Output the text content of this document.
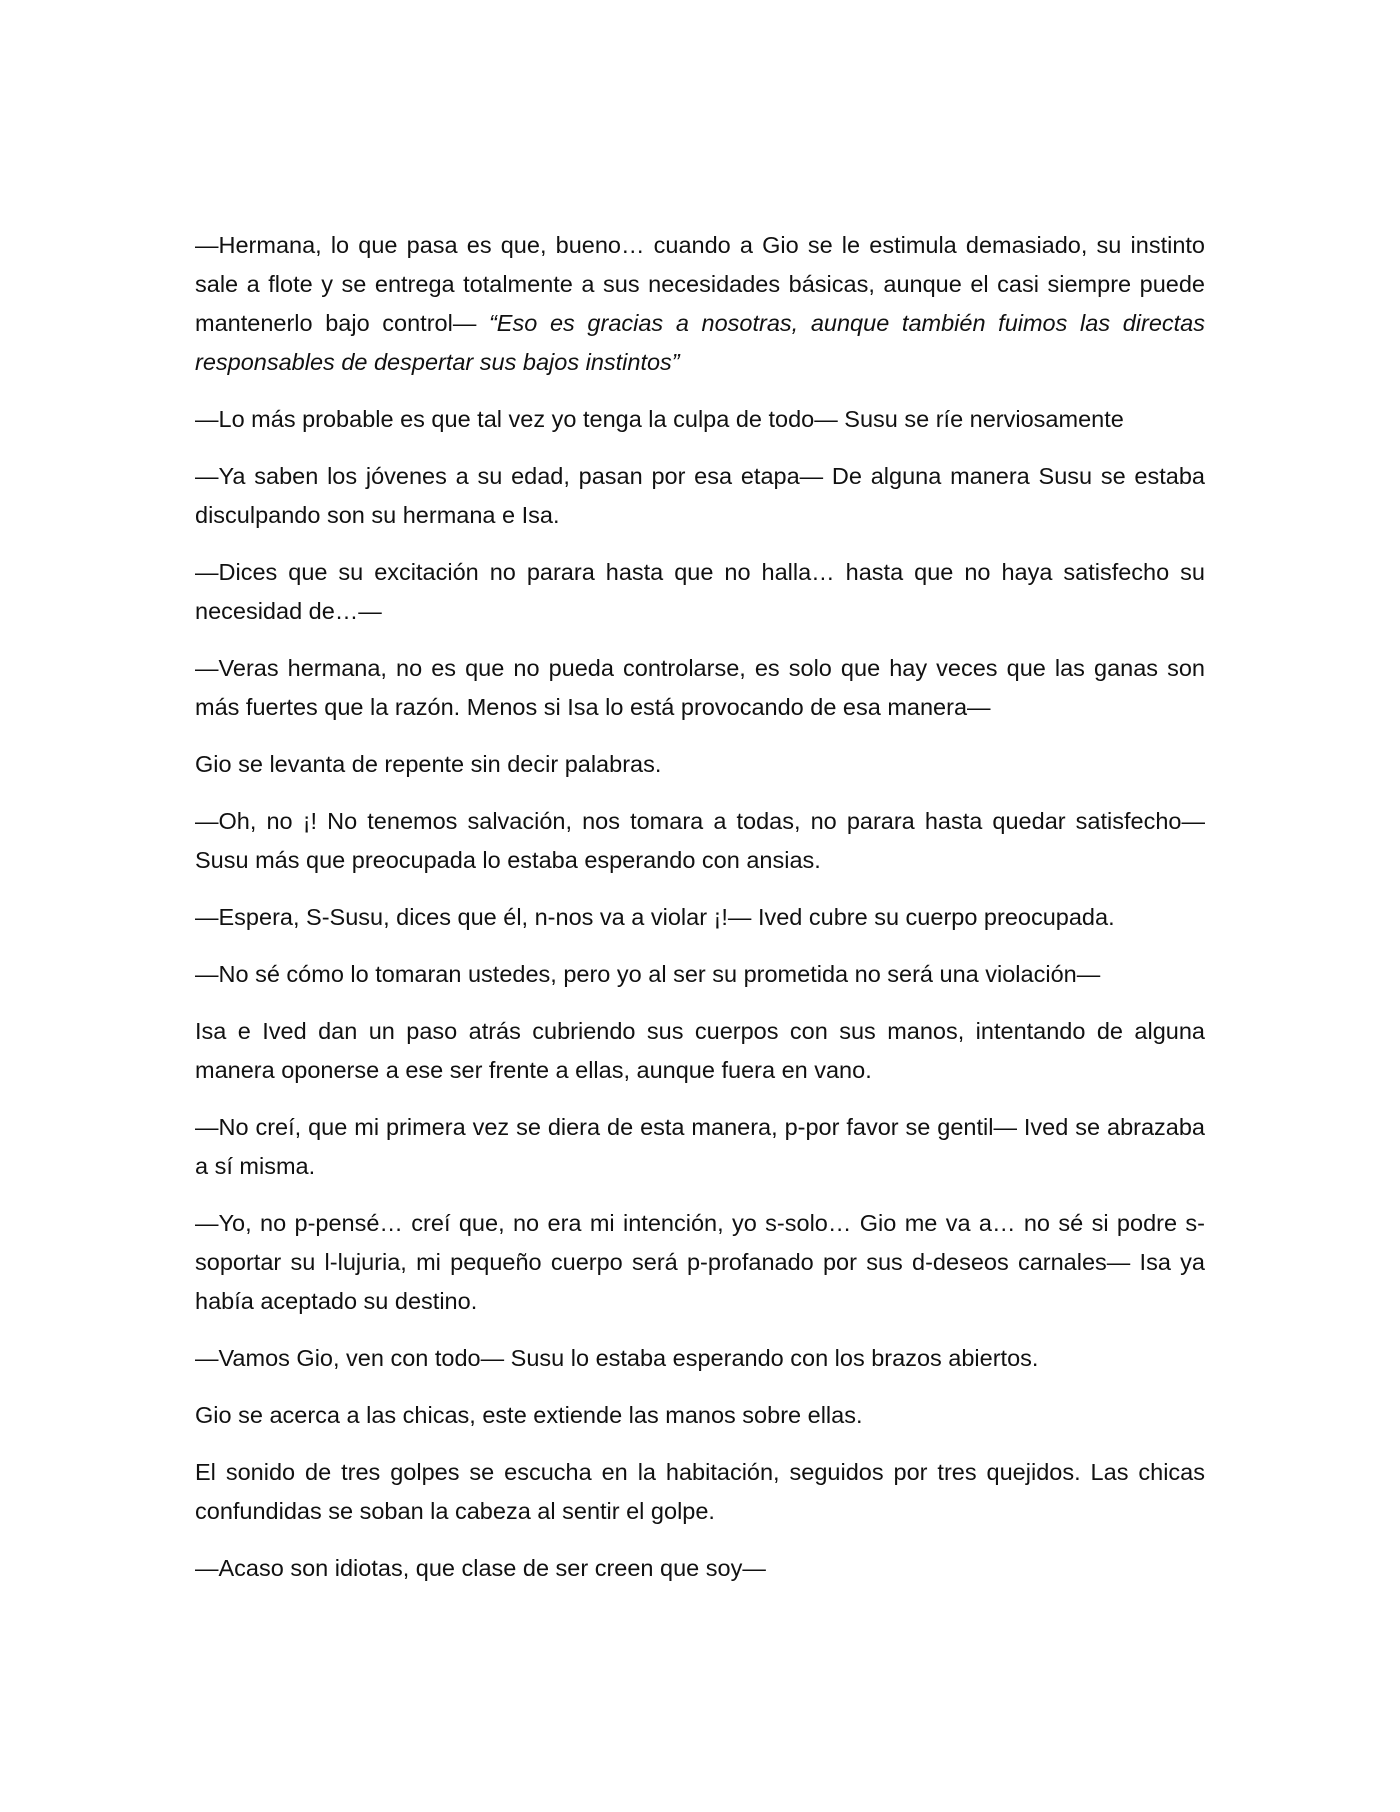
—Hermana, lo que pasa es que, bueno… cuando a Gio se le estimula demasiado, su instinto sale a flote y se entrega totalmente a sus necesidades básicas, aunque el casi siempre puede mantenerlo bajo control— “Eso es gracias a nosotras, aunque también fuimos las directas responsables de despertar sus bajos instintos”

—Lo más probable es que tal vez yo tenga la culpa de todo— Susu se ríe nerviosamente

—Ya saben los jóvenes a su edad, pasan por esa etapa— De alguna manera Susu se estaba disculpando son su hermana e Isa.

—Dices que su excitación no parara hasta que no halla… hasta que no haya satisfecho su necesidad de…—

—Veras hermana, no es que no pueda controlarse, es solo que hay veces que las ganas son más fuertes que la razón. Menos si Isa lo está provocando de esa manera—

Gio se levanta de repente sin decir palabras.

—Oh, no ¡! No tenemos salvación, nos tomara a todas, no parara hasta quedar satisfecho— Susu más que preocupada lo estaba esperando con ansias.

—Espera, S-Susu, dices que él, n-nos va a violar ¡!— Ived cubre su cuerpo preocupada.

—No sé cómo lo tomaran ustedes, pero yo al ser su prometida no será una violación—

Isa e Ived dan un paso atrás cubriendo sus cuerpos con sus manos, intentando de alguna manera oponerse a ese ser frente a ellas, aunque fuera en vano.

—No creí, que mi primera vez se diera de esta manera, p-por favor se gentil— Ived se abrazaba a sí misma.

—Yo, no p-pensé… creí que, no era mi intención, yo s-solo… Gio me va a… no sé si podre s-soportar su l-lujuria, mi pequeño cuerpo será p-profanado por sus d-deseos carnales— Isa ya había aceptado su destino.

—Vamos Gio, ven con todo— Susu lo estaba esperando con los brazos abiertos.

Gio se acerca a las chicas, este extiende las manos sobre ellas.

El sonido de tres golpes se escucha en la habitación, seguidos por tres quejidos. Las chicas confundidas se soban la cabeza al sentir el golpe.

—Acaso son idiotas, que clase de ser creen que soy—
